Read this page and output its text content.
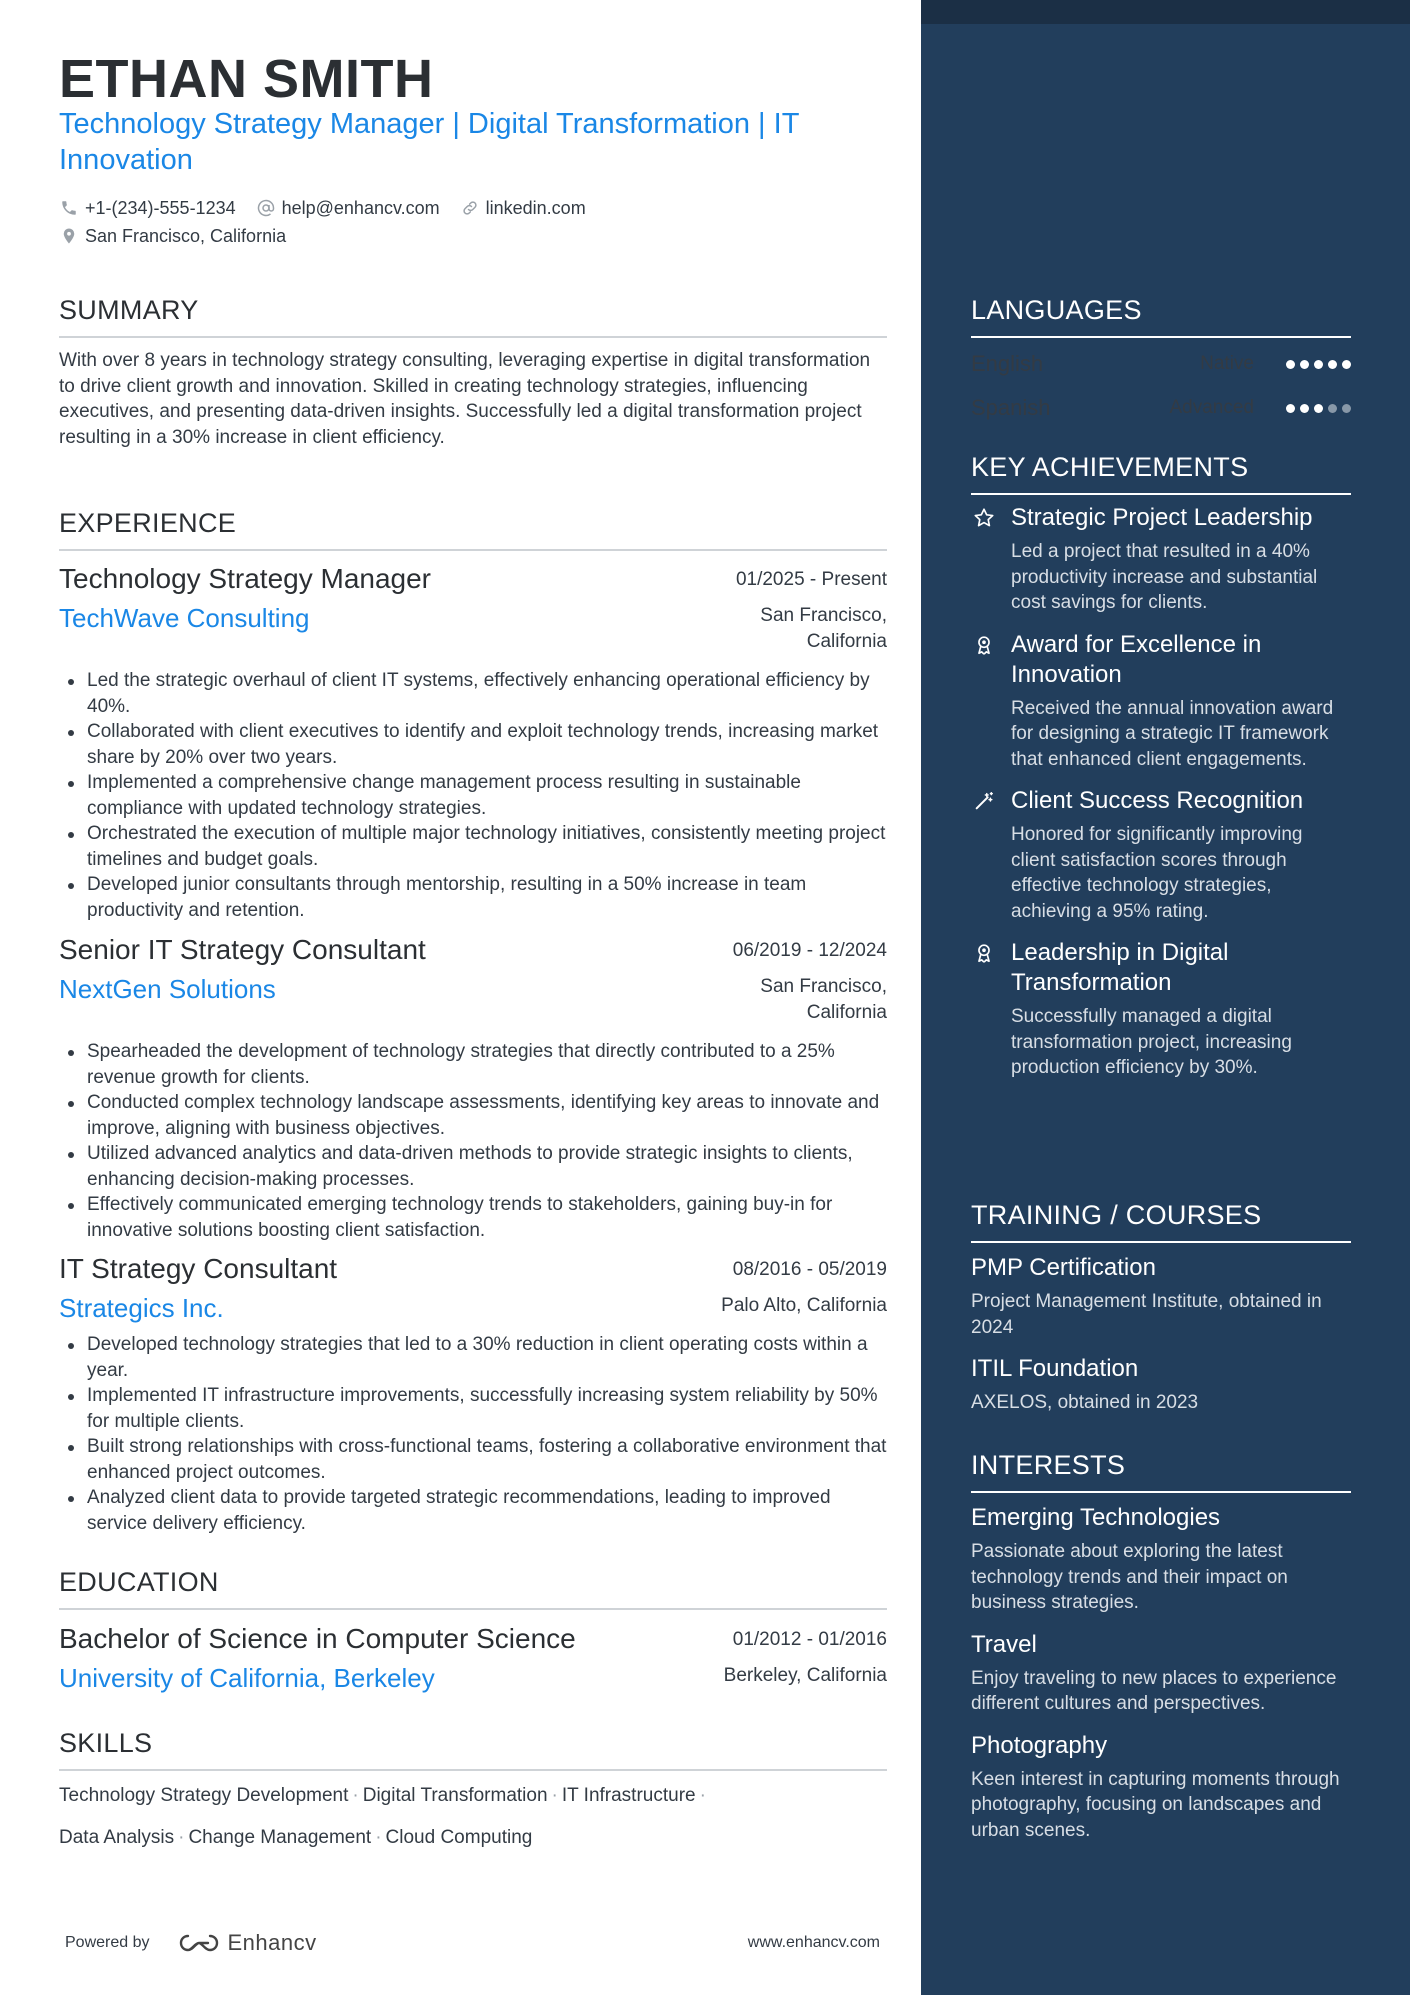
ETHAN SMITH
Technology Strategy Manager | Digital Transformation | IT Innovation
+1-(234)-555-1234	help@enhancv.com	linkedin.com
San Francisco, California
SUMMARY
With over 8 years in technology strategy consulting, leveraging expertise in digital transformation to drive client growth and innovation. Skilled in creating technology strategies, influencing executives, and presenting data-driven insights. Successfully led a digital transformation project resulting in a 30% increase in client efficiency.
EXPERIENCE
Technology Strategy Manager	01/2025 - Present
TechWave Consulting	San Francisco, California
Led the strategic overhaul of client IT systems, effectively enhancing operational efficiency by 40%.
Collaborated with client executives to identify and exploit technology trends, increasing market share by 20% over two years.
Implemented a comprehensive change management process resulting in sustainable compliance with updated technology strategies.
Orchestrated the execution of multiple major technology initiatives, consistently meeting project timelines and budget goals.
Developed junior consultants through mentorship, resulting in a 50% increase in team productivity and retention.
Senior IT Strategy Consultant	06/2019 - 12/2024
NextGen Solutions	San Francisco, California
Spearheaded the development of technology strategies that directly contributed to a 25% revenue growth for clients.
Conducted complex technology landscape assessments, identifying key areas to innovate and improve, aligning with business objectives.
Utilized advanced analytics and data-driven methods to provide strategic insights to clients, enhancing decision-making processes.
Effectively communicated emerging technology trends to stakeholders, gaining buy-in for innovative solutions boosting client satisfaction.
IT Strategy Consultant	08/2016 - 05/2019
Strategics Inc.	Palo Alto, California
Developed technology strategies that led to a 30% reduction in client operating costs within a year.
Implemented IT infrastructure improvements, successfully increasing system reliability by 50% for multiple clients.
Built strong relationships with cross-functional teams, fostering a collaborative environment that enhanced project outcomes.
Analyzed client data to provide targeted strategic recommendations, leading to improved service delivery efficiency.
EDUCATION
Bachelor of Science in Computer Science	01/2012 - 01/2016
University of California, Berkeley	Berkeley, California
SKILLS
Technology Strategy Development · Digital Transformation · IT Infrastructure ·
Data Analysis · Change Management · Cloud Computing
Powered by	Enhancv	www.enhancv.com
LANGUAGES
English	Native
Spanish	Advanced
KEY ACHIEVEMENTS
Strategic Project Leadership
Led a project that resulted in a 40% productivity increase and substantial cost savings for clients.
Award for Excellence in Innovation
Received the annual innovation award for designing a strategic IT framework that enhanced client engagements.
Client Success Recognition
Honored for significantly improving client satisfaction scores through effective technology strategies, achieving a 95% rating.
Leadership in Digital Transformation
Successfully managed a digital transformation project, increasing production efficiency by 30%.
TRAINING / COURSES
PMP Certification
Project Management Institute, obtained in 2024
ITIL Foundation
AXELOS, obtained in 2023
INTERESTS
Emerging Technologies
Passionate about exploring the latest technology trends and their impact on business strategies.
Travel
Enjoy traveling to new places to experience different cultures and perspectives.
Photography
Keen interest in capturing moments through photography, focusing on landscapes and urban scenes.
